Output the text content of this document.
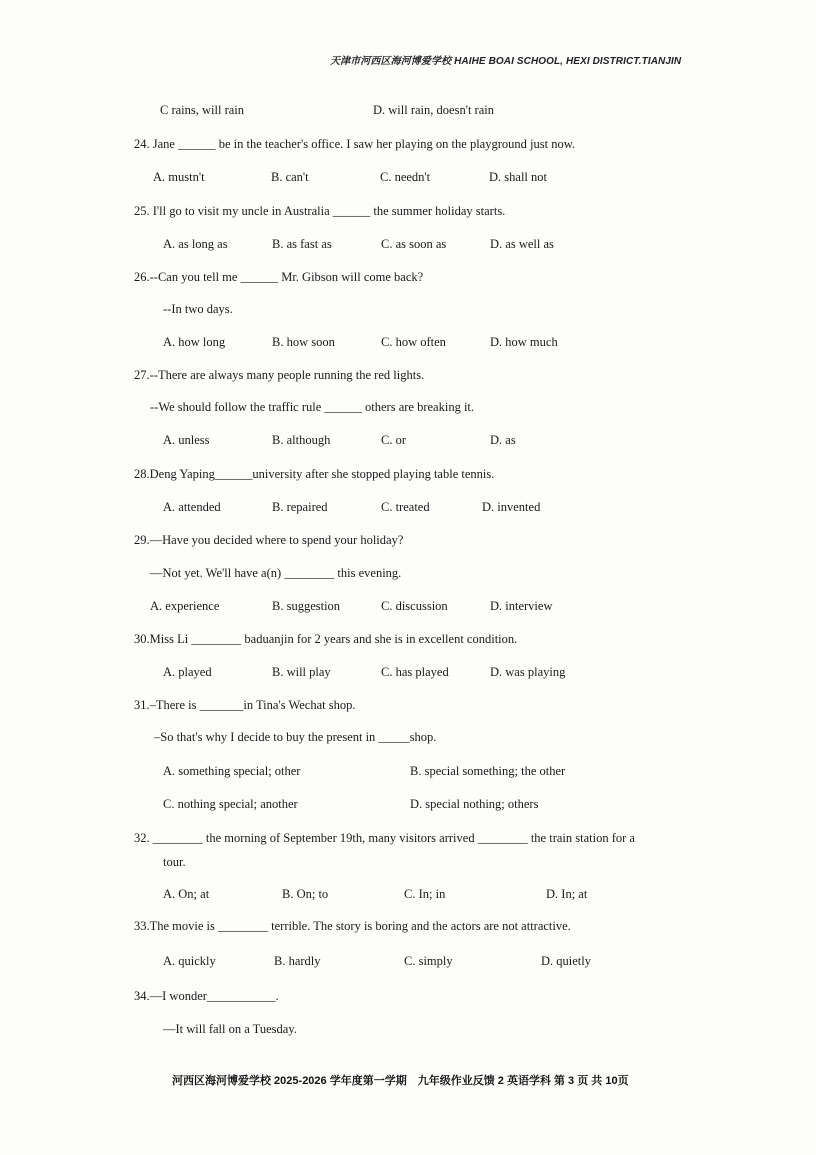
天津市河西区海河博爱学校 HAIHE BOAI SCHOOL, HEXI DISTRICT.TIANJIN
C rains, will rain	D. will rain, doesn't rain
24. Jane ______ be in the teacher's office. I saw her playing on the playground just now.
A. mustn't	B. can't	C. needn't	D. shall not
25. I'll go to visit my uncle in Australia ______ the summer holiday starts.
A. as long as	B. as fast as	C. as soon as	D. as well as
26.--Can you tell me ______ Mr. Gibson will come back?
--In two days.
A. how long	B. how soon	C. how often	D. how much
27.--There are always many people running the red lights.
--We should follow the traffic rule ______ others are breaking it.
A. unless	B. although	C. or	D. as
28.Deng Yaping______university after she stopped playing table tennis.
A. attended	B. repaired	C. treated	D. invented
29.—Have you decided where to spend your holiday?
—Not yet. We'll have a(n) ________ this evening.
A. experience	B. suggestion	C. discussion	D. interview
30.Miss Li ________ baduanjin for 2 years and she is in excellent condition.
A. played	B. will play	C. has played	D. was playing
31.–There is _______in Tina's Wechat shop.
–So that's why I decide to buy the present in _____shop.
A. something special; other	B. special something; the other
C. nothing special; another	D. special nothing; others
32. ________ the morning of September 19th, many visitors arrived ________ the train station for a
tour.
A. On; at	B. On; to	C. In; in	D. In; at
33.The movie is ________ terrible. The story is boring and the actors are not attractive.
A. quickly	B. hardly	C. simply	D. quietly
34.—I wonder___________.
—It will fall on a Tuesday.
河西区海河博爱学校 2025-2026 学年度第一学期　九年级作业反馈 2 英语学科 第 3 页 共 10页
